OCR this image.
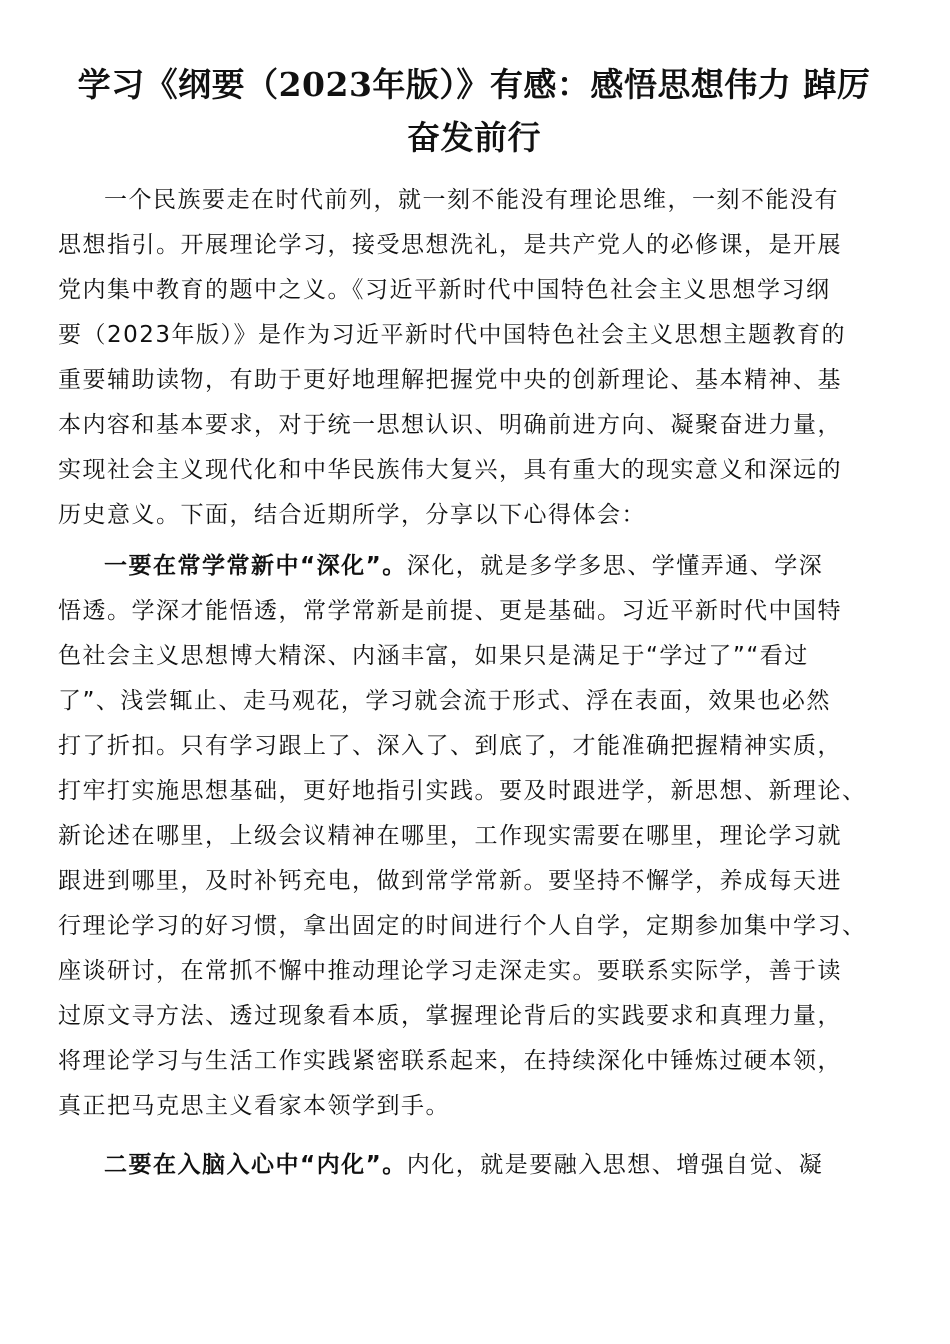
学习《纲要（2023年版）》有感：感悟思想伟力 踔厉
奋发前行
一个民族要走在时代前列，就一刻不能没有理论思维，一刻不能没有
思想指引。开展理论学习，接受思想洗礼，是共产党人的必修课，是开展
党内集中教育的题中之义。《习近平新时代中国特色社会主义思想学习纲
要（2023年版）》是作为习近平新时代中国特色社会主义思想主题教育的
重要辅助读物，有助于更好地理解把握党中央的创新理论、基本精神、基
本内容和基本要求，对于统一思想认识、明确前进方向、凝聚奋进力量，
实现社会主义现代化和中华民族伟大复兴，具有重大的现实意义和深远的
历史意义。下面，结合近期所学，分享以下心得体会：
一要在常学常新中“深化”。深化，就是多学多思、学懂弄通、学深
悟透。学深才能悟透，常学常新是前提、更是基础。习近平新时代中国特
色社会主义思想博大精深、内涵丰富，如果只是满足于“学过了”“看过
了”、浅尝辄止、走马观花，学习就会流于形式、浮在表面，效果也必然
打了折扣。只有学习跟上了、深入了、到底了，才能准确把握精神实质，
打牢打实施思想基础，更好地指引实践。要及时跟进学，新思想、新理论、
新论述在哪里，上级会议精神在哪里，工作现实需要在哪里，理论学习就
跟进到哪里，及时补钙充电，做到常学常新。要坚持不懈学，养成每天进
行理论学习的好习惯，拿出固定的时间进行个人自学，定期参加集中学习、
座谈研讨，在常抓不懈中推动理论学习走深走实。要联系实际学，善于读
过原文寻方法、透过现象看本质，掌握理论背后的实践要求和真理力量，
将理论学习与生活工作实践紧密联系起来，在持续深化中锤炼过硬本领，
真正把马克思主义看家本领学到手。
二要在入脑入心中“内化”。内化，就是要融入思想、增强自觉、凝
